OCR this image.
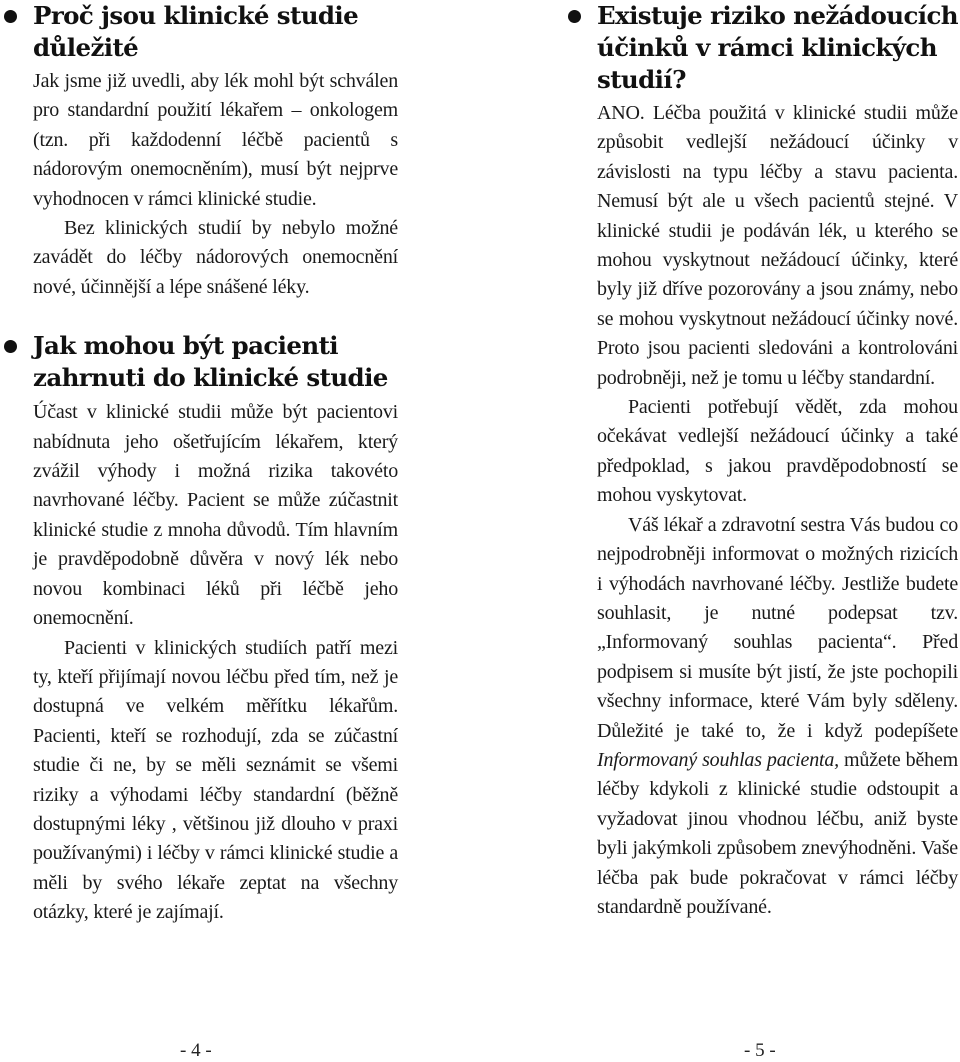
Proč jsou klinické studie důležité

Jak jsme již uvedli, aby lék mohl být schválen pro standardní použití lékařem – onkologem (tzn. při každodenní léčbě pacientů s nádorovým onemocněním), musí být nejprve vyhodnocen v rámci klinické studie.

Bez klinických studií by nebylo možné zavádět do léčby nádorových onemocnění nové, účinnější a lépe snášené léky.

Jak mohou být pacienti zahrnuti do klinické studie

Účast v klinické studii může být pacientovi nabídnuta jeho ošetřujícím lékařem, který zvážil výhody i možná rizika takovéto navrhované léčby. Pacient se může zúčastnit klinické studie z mnoha důvodů. Tím hlavním je pravděpodobně důvěra v nový lék nebo novou kombinaci léků při léčbě jeho onemocnění.

Pacienti v klinických studiích patří mezi ty, kteří přijímají novou léčbu před tím, než je dostupná ve velkém měřítku lékařům. Pacienti, kteří se rozhodují, zda se zúčastní studie či ne, by se měli seznámit se všemi riziky a výhodami léčby standardní (běžně dostupnými léky , většinou již dlouho v praxi používanými) i léčby v rámci klinické studie a měli by svého lékaře zeptat na všechny otázky, které je zajímají.

Existuje riziko nežádoucích účinků v rámci klinických studií?

ANO. Léčba použitá v klinické studii může způsobit vedlejší nežádoucí účinky v závislosti na typu léčby a stavu pacienta. Nemusí být ale u všech pacientů stejné. V klinické studii je podáván lék, u kterého se mohou vyskytnout nežádoucí účinky, které byly již dříve pozorovány a jsou známy, nebo se mohou vyskytnout nežádoucí účinky nové. Proto jsou pacienti sledováni a kontrolováni podrobněji, než je tomu u léčby standardní.

Pacienti potřebují vědět, zda mohou očekávat vedlejší nežádoucí účinky a také předpoklad, s jakou pravděpodobností se mohou vyskytovat.

Váš lékař a zdravotní sestra Vás budou co nejpodrobněji informovat o možných rizicích i výhodách navrhované léčby. Jestliže budete souhlasit, je nutné podepsat tzv. „Informovaný souhlas pacienta“. Před podpisem si musíte být jistí, že jste pochopili všechny informace, které Vám byly sděleny. Důležité je také to, že i když podepíšete Informovaný souhlas pacienta, můžete během léčby kdykoli z klinické studie odstoupit a vyžadovat jinou vhodnou léčbu, aniž byste byli jakýmkoli způsobem znevýhodněni. Vaše léčba pak bude pokračovat v rámci léčby standardně používané.

- 4 -	- 5 -
